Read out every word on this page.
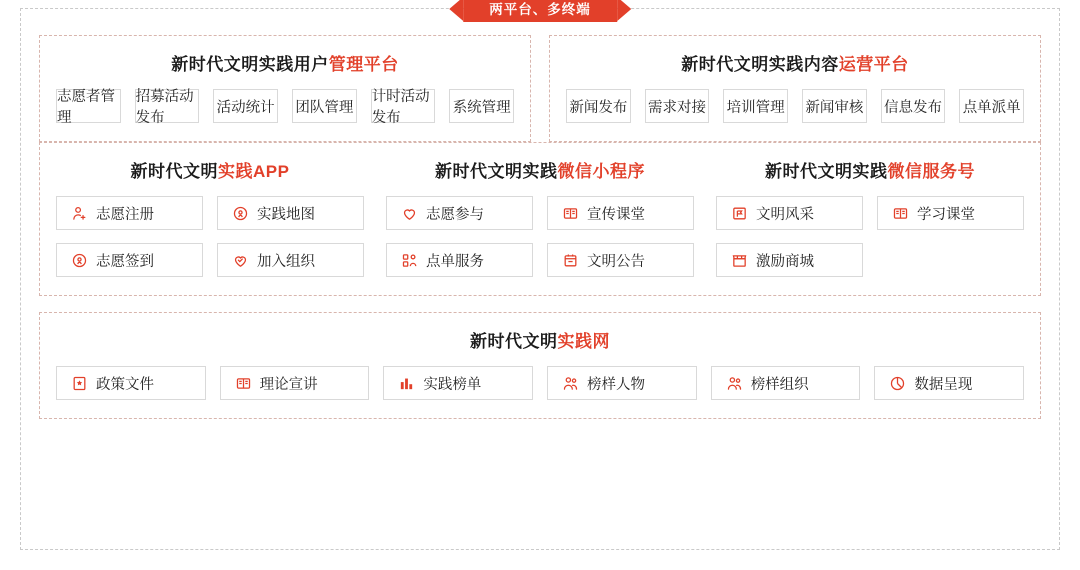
两平台、多终端
新时代文明实践用户管理平台
志愿者管理
招募活动发布
活动统计 团队管理
计时活动发布
系统管理
新时代文明实践内容运营平台
新闻发布 需求对接 培训管理 新闻审核 信息发布 点单派单
新时代文明实践APP
志愿注册	实践地图
志愿签到	加入组织
新时代文明实践微信小程序
志愿参与	宣传课堂
点单服务	文明公告
新时代文明实践微信服务号
文明风采	学习课堂
激励商城
新时代文明实践网
政策文件	理论宣讲	实践榜单	榜样人物	榜样组织	数据呈现
